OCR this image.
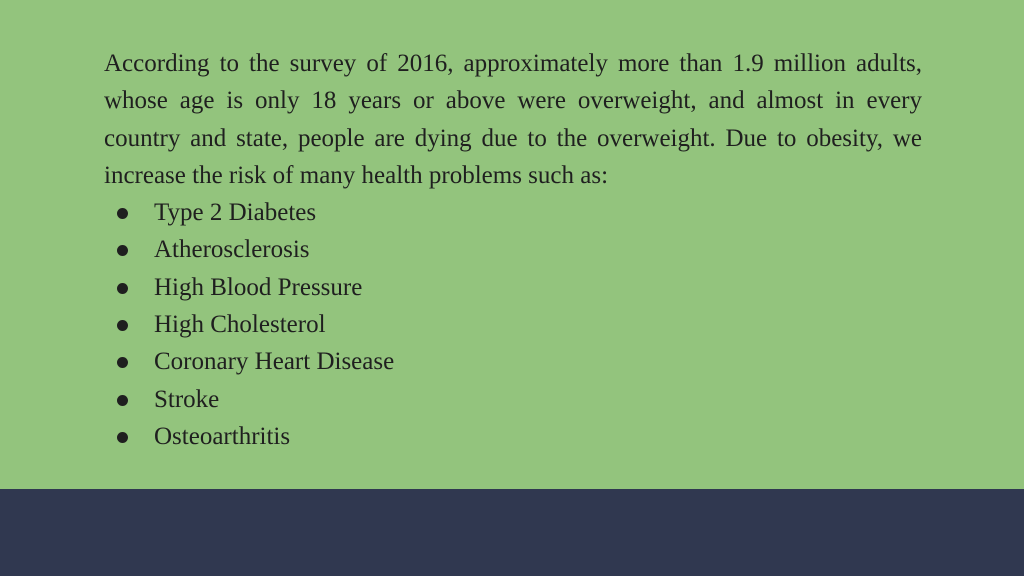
According to the survey of 2016, approximately more than 1.9 million adults, whose age is only 18 years or above were overweight, and almost in every country and state, people are dying due to the overweight. Due to obesity, we increase the risk of many health problems such as:

Type 2 Diabetes
Atherosclerosis
High Blood Pressure
High Cholesterol
Coronary Heart Disease
Stroke
Osteoarthritis
